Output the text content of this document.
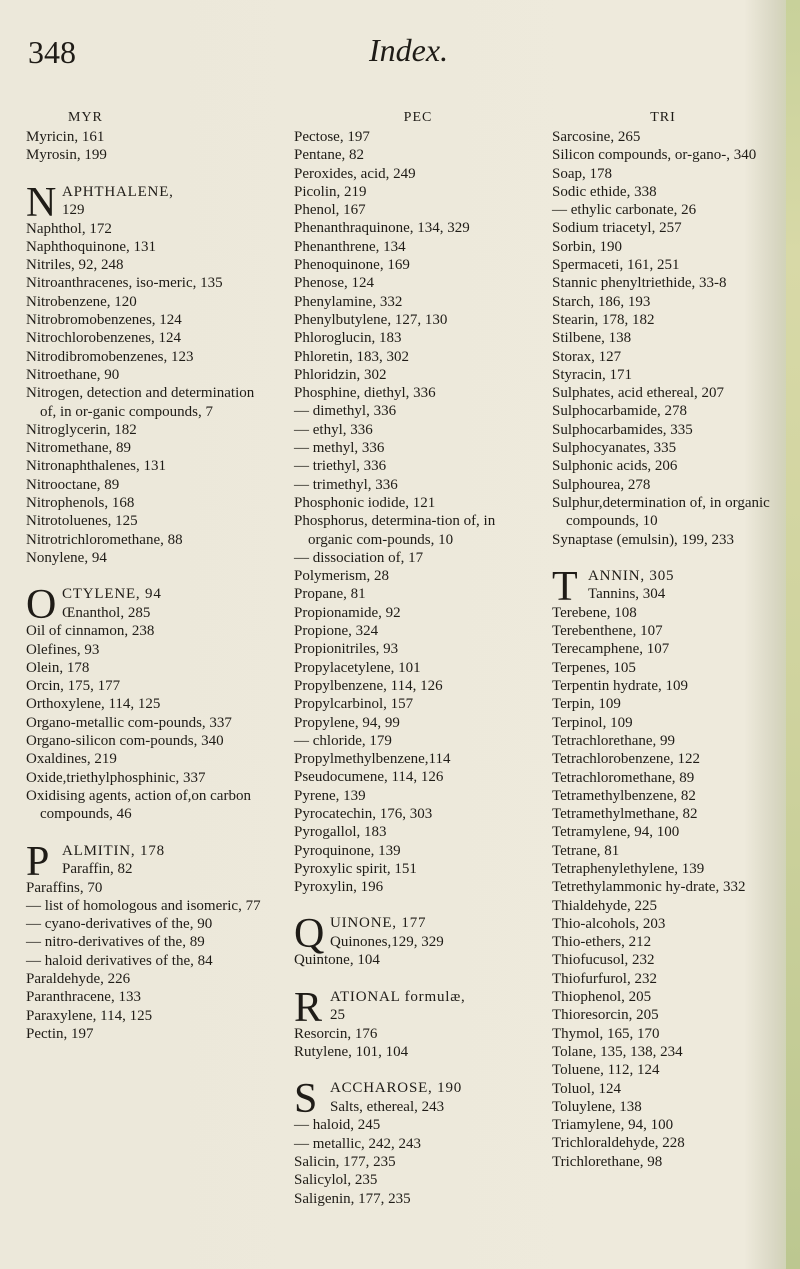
348	Index.
MYR
Myricin, 161
Myrosin, 199
N APHTHALENE,
129
Naphthol, 172
Naphthoquinone, 131
Nitriles, 92, 248
Nitroanthracenes, iso-meric, 135
Nitrobenzene, 120
Nitrobromobenzenes, 124
Nitrochlorobenzenes, 124
Nitrodibromobenzenes, 123
Nitroethane, 90
Nitrogen, detection and determination of, in or-ganic compounds, 7
Nitroglycerin, 182
Nitromethane, 89
Nitronaphthalenes, 131
Nitrooctane, 89
Nitrophenols, 168
Nitrotoluenes, 125
Nitrotrichloromethane, 88
Nonylene, 94
O CTYLENE, 94
Œnanthol, 285
Oil of cinnamon, 238
Olefines, 93
Olein, 178
Orcin, 175, 177
Orthoxylene, 114, 125
Organo-metallic com-pounds, 337
Organo-silicon com-pounds, 340
Oxaldines, 219
Oxide,triethylphosphinic, 337
Oxidising agents, action of,on carbon compounds, 46
P ALMITIN, 178
Paraffin, 82
Paraffins, 70
— list of homologous and isomeric, 77
— cyano-derivatives of the, 90
— nitro-derivatives of the, 89
— haloid derivatives of the, 84
Paraldehyde, 226
Paranthracene, 133
Paraxylene, 114, 125
Pectin, 197
PEC
Pectose, 197
Pentane, 82
Peroxides, acid, 249
Picolin, 219
Phenol, 167
Phenanthraquinone, 134, 329
Phenanthrene, 134
Phenoquinone, 169
Phenose, 124
Phenylamine, 332
Phenylbutylene, 127, 130
Phloroglucin, 183
Phloretin, 183, 302
Phloridzin, 302
Phosphine, diethyl, 336
— dimethyl, 336
— ethyl, 336
— methyl, 336
— triethyl, 336
— trimethyl, 336
Phosphonic iodide, 121
Phosphorus, determina-tion of, in organic com-pounds, 10
— dissociation of, 17
Polymerism, 28
Propane, 81
Propionamide, 92
Propione, 324
Propionitriles, 93
Propylacetylene, 101
Propylbenzene, 114, 126
Propylcarbinol, 157
Propylene, 94, 99
— chloride, 179
Propylmethylbenzene,114
Pseudocumene, 114, 126
Pyrene, 139
Pyrocatechin, 176, 303
Pyrogallol, 183
Pyroquinone, 139
Pyroxylic spirit, 151
Pyroxylin, 196
Q UINONE, 177
Quinones,129, 329
Quintone, 104
R ATIONAL formulæ,
25
Resorcin, 176
Rutylene, 101, 104
S ACCHAROSE, 190
Salts, ethereal, 243
— haloid, 245
— metallic, 242, 243
Salicin, 177, 235
Salicylol, 235
Saligenin, 177, 235
TRI
Sarcosine, 265
Silicon compounds, or-gano-, 340
Soap, 178
Sodic ethide, 338
— ethylic carbonate, 26
Sodium triacetyl, 257
Sorbin, 190
Spermaceti, 161, 251
Stannic phenyltriethide, 33-8
Starch, 186, 193
Stearin, 178, 182
Stilbene, 138
Storax, 127
Styracin, 171
Sulphates, acid ethereal, 207
Sulphocarbamide, 278
Sulphocarbamides, 335
Sulphocyanates, 335
Sulphonic acids, 206
Sulphourea, 278
Sulphur,determination of, in organic compounds, 10
Synaptase (emulsin), 199, 233
T ANNIN, 305
Tannins, 304
Terebene, 108
Terebenthene, 107
Terecamphene, 107
Terpenes, 105
Terpentin hydrate, 109
Terpin, 109
Terpinol, 109
Tetrachlorethane, 99
Tetrachlorobenzene, 122
Tetrachloromethane, 89
Tetramethylbenzene, 82
Tetramethylmethane, 82
Tetramylene, 94, 100
Tetrane, 81
Tetraphenylethylene, 139
Tetrethylammonic hy-drate, 332
Thialdehyde, 225
Thio-alcohols, 203
Thio-ethers, 212
Thiofucusol, 232
Thiofurfurol, 232
Thiophenol, 205
Thioresorcin, 205
Thymol, 165, 170
Tolane, 135, 138, 234
Toluene, 112, 124
Toluol, 124
Toluylene, 138
Triamylene, 94, 100
Trichloraldehyde, 228
Trichlorethane, 98
